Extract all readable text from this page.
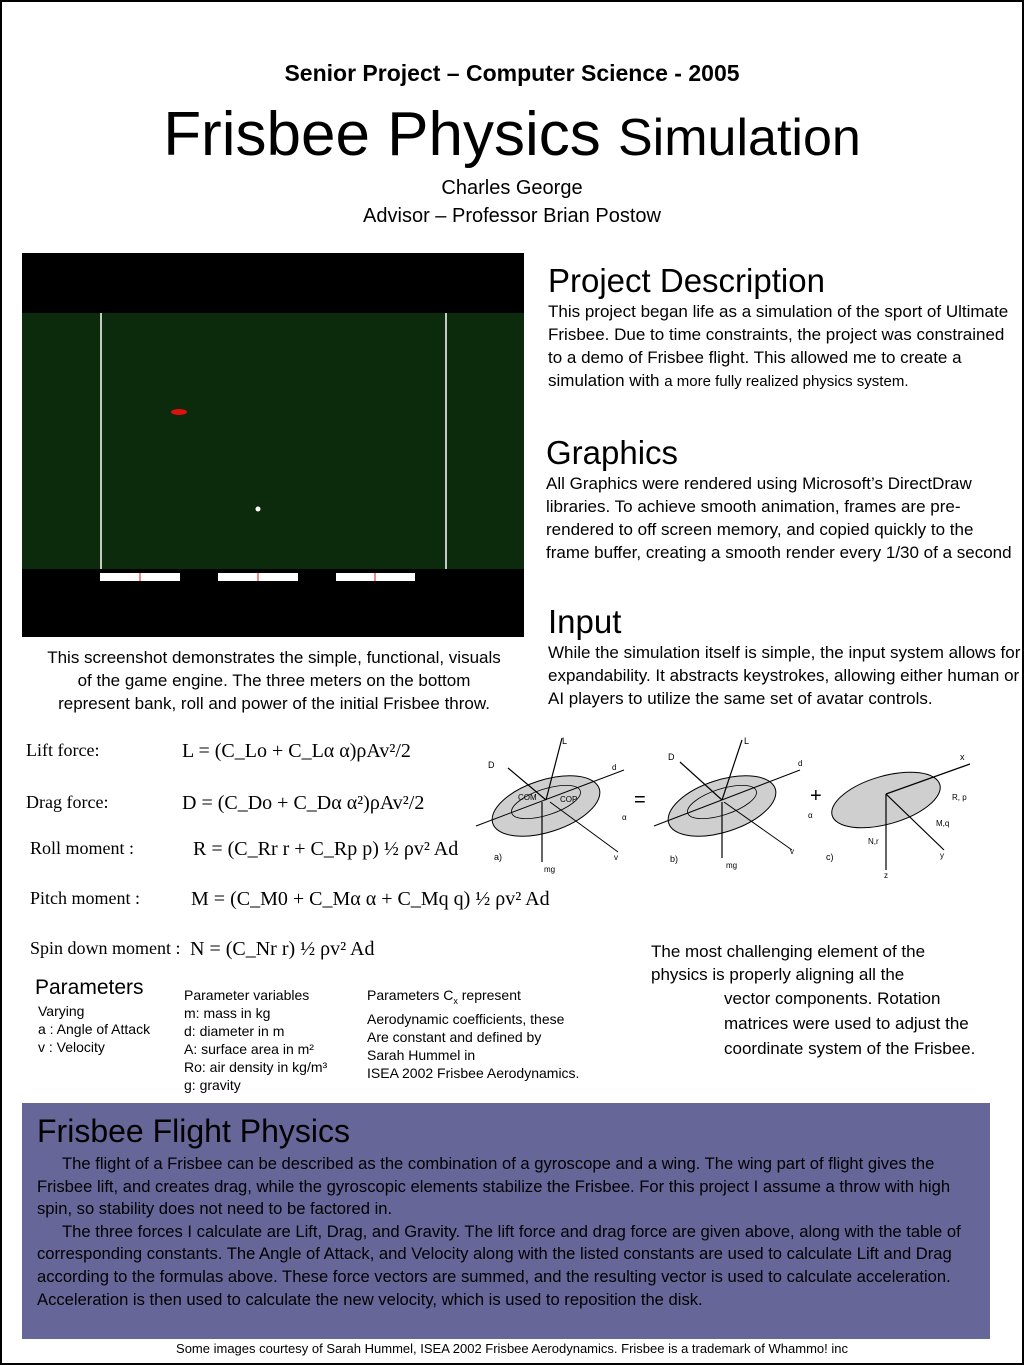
Senior Project – Computer Science - 2005
Frisbee Physics Simulation
Charles George
Advisor – Professor Brian Postow
This screenshot demonstrates the simple, functional, visuals of the game engine. The three meters on the bottom represent bank, roll and power of the initial Frisbee throw.
Project Description
This project began life as a simulation of the sport of Ultimate Frisbee. Due to time constraints, the project was constrained to a demo of Frisbee flight. This allowed me to create a simulation with a more fully realized physics system.
Graphics
All Graphics were rendered using Microsoft’s DirectDraw libraries. To achieve smooth animation, frames are pre-rendered to off screen memory, and copied quickly to the frame buffer, creating a smooth render every 1/30 of a second
Input
While the simulation itself is simple, the input system allows for expandability. It abstracts keystrokes, allowing either human or AI players to utilize the same set of avatar controls.
Lift force:	L = (C_Lo + C_Lα α)ρAv²/2
Drag force:	D = (C_Do + C_Dα α²)ρAv²/2
Roll moment :	R = (C_Rr r + C_Rp p) ½ ρv² Ad
Pitch moment :	M = (C_M0 + C_Mα α + C_Mq q) ½ ρv² Ad
Spin down moment : N = (C_Nr r) ½ ρv² Ad
L
D	d
COM	COP
mg
v
α
a)
=
D
L
d
mg
v
α
b)
+
x
R, p
M,q
N,r
y
z
c)
The most challenging element of the physics is properly aligning all the
vector components. Rotation matrices were used to adjust the coordinate system of the Frisbee.
Parameters
Varying
a : Angle of Attack
v : Velocity
Parameter variables
m: mass in kg
d: diameter in m
A: surface area in m²
Ro: air density in kg/m³
g: gravity
Parameters $C_x$ represent
Aerodynamic coefficients, these
Are constant and defined by
Sarah Hummel in
ISEA 2002 Frisbee Aerodynamics.
Frisbee Flight Physics
The flight of a Frisbee can be described as the combination of a gyroscope and a wing. The wing part of flight gives the Frisbee lift, and creates drag, while the gyroscopic elements stabilize the Frisbee. For this project I assume a throw with high spin, so stability does not need to be factored in.
The three forces I calculate are Lift, Drag, and Gravity. The lift force and drag force are given above, along with the table of corresponding constants. The Angle of Attack, and Velocity along with the listed constants are used to calculate Lift and Drag according to the formulas above. These force vectors are summed, and the resulting vector is used to calculate acceleration. Acceleration is then used to calculate the new velocity, which is used to reposition the disk.
Some images courtesy of Sarah Hummel, ISEA 2002 Frisbee Aerodynamics. Frisbee is a trademark of Whammo! inc
